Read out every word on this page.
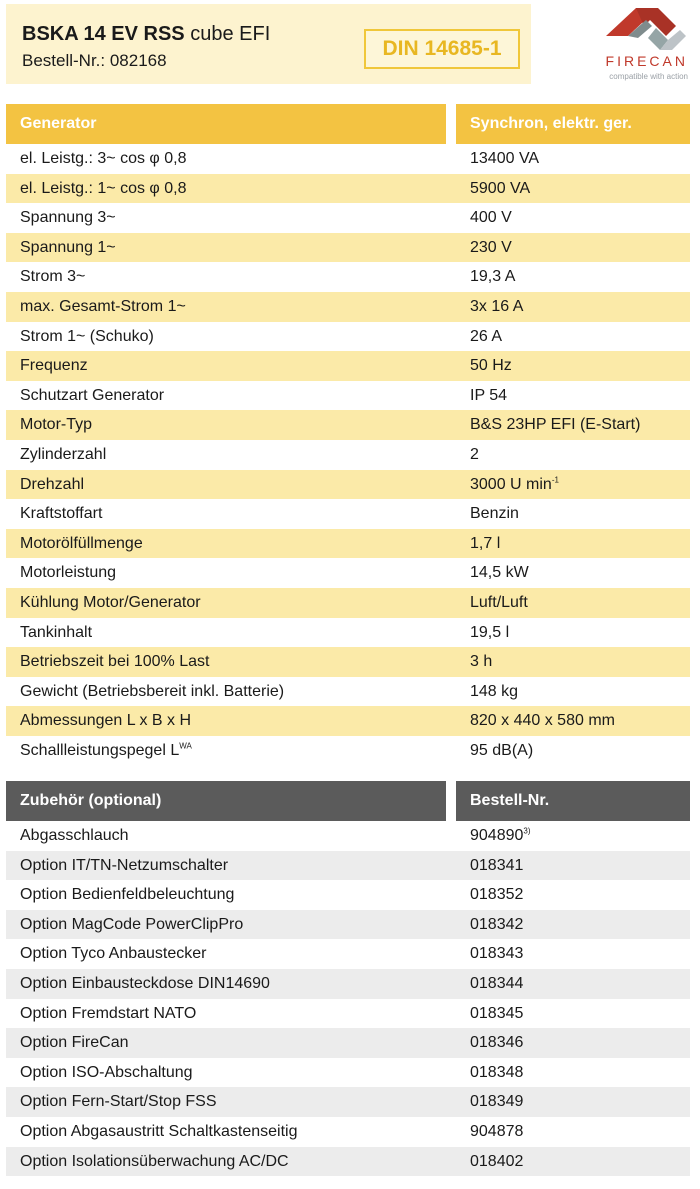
BSKA 14 EV RSS cube EFI
Bestell-Nr.: 082168
DIN 14685-1
FIRECAN
compatible with action
Generator	Synchron, elektr. ger.
el. Leistg.: 3~ cos φ 0,8	13400 VA
el. Leistg.: 1~ cos φ 0,8	5900 VA
Spannung 3~	400 V
Spannung 1~	230 V
Strom 3~	19,3 A
max. Gesamt-Strom 1~	3x 16 A
Strom 1~ (Schuko)	26 A
Frequenz	50 Hz
Schutzart Generator	IP 54
Motor-Typ	B&S 23HP EFI (E-Start)
Zylinderzahl	2
Drehzahl	3000 U $\min^{-1}$
Kraftstoffart	Benzin
Motorölfüllmenge	1,7 l
Motorleistung	14,5 kW
Kühlung Motor/Generator	Luft/Luft
Tankinhalt	19,5 l
Betriebszeit bei 100% Last	3 h
Gewicht (Betriebsbereit inkl. Batterie)	148 kg
Abmessungen L x B x H	820 x 440 x 580 mm
Schallleistungspegel $L^{WA}$	95 dB(A)
Zubehör (optional)	Bestell-Nr.
Abgasschlauch	904890$^{3)}$
Option IT/TN-Netzumschalter	018341
Option Bedienfeldbeleuchtung	018352
Option MagCode PowerClipPro	018342
Option Tyco Anbaustecker	018343
Option Einbausteckdose DIN14690	018344
Option Fremdstart NATO	018345
Option FireCan	018346
Option ISO-Abschaltung	018348
Option Fern-Start/Stop FSS	018349
Option Abgasaustritt Schaltkastenseitig	904878
Option Isolationsüberwachung AC/DC	018402
